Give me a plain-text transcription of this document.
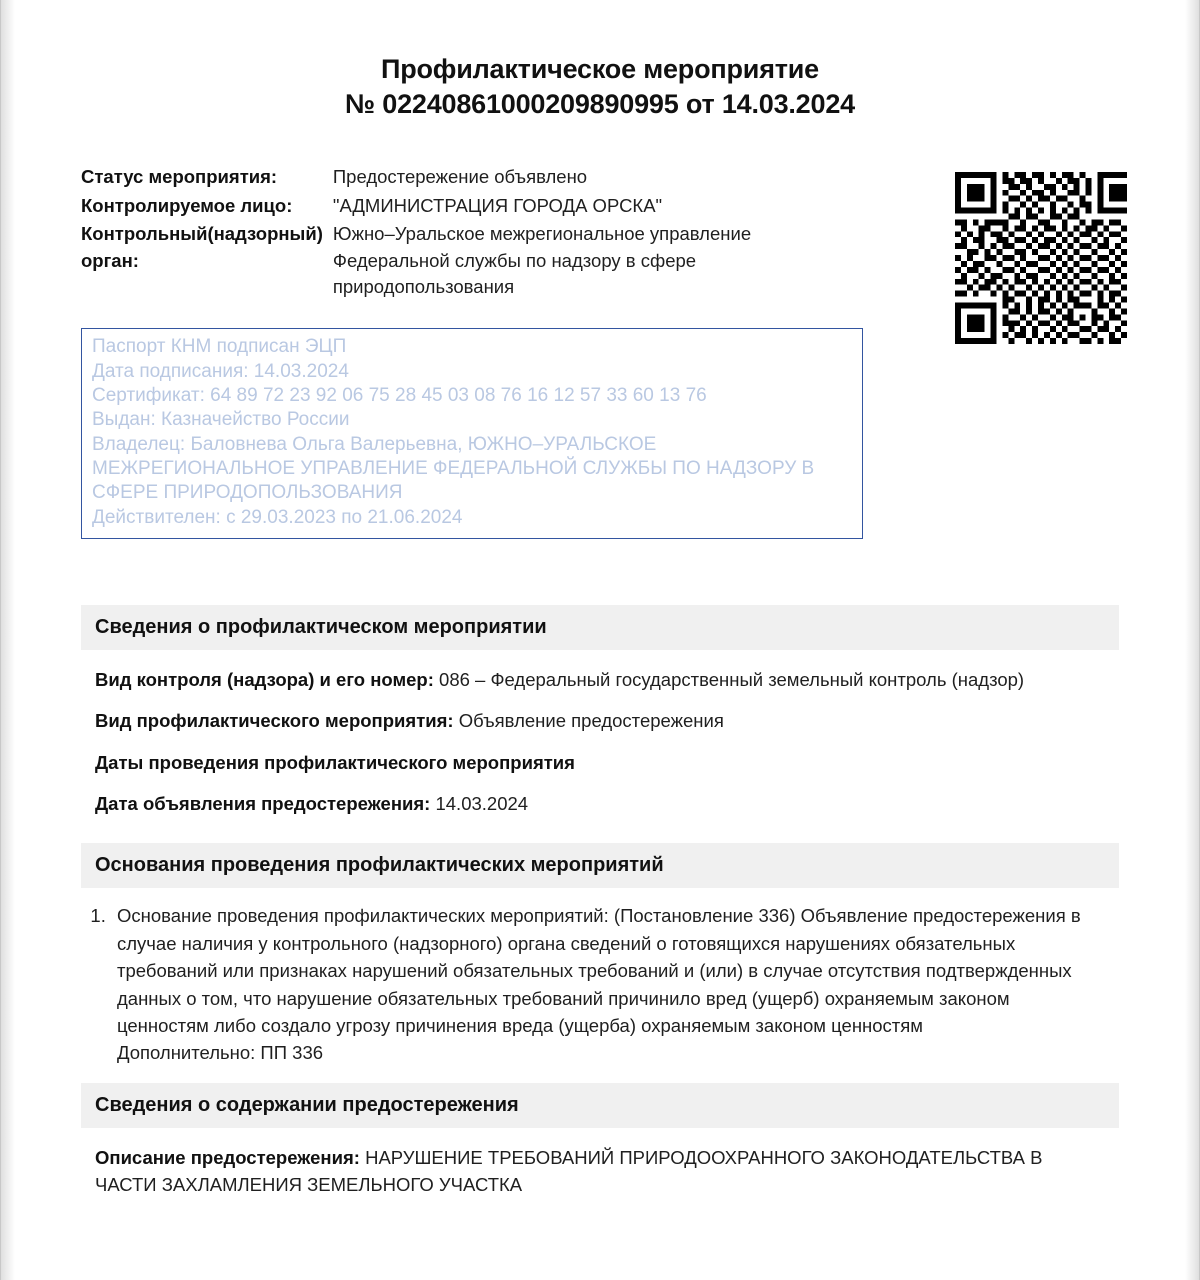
Профилактическое мероприятие
№ 02240861000209890995 от 14.03.2024
Статус мероприятия:	Предостережение объявлено
Контролируемое лицо:	"АДМИНИСТРАЦИЯ ГОРОДА ОРСКА"
Контрольный(надзорный) орган:	Южно–Уральское межрегиональное управление Федеральной службы по надзору в сфере природопользования
Паспорт КНМ подписан ЭЦП
Дата подписания: 14.03.2024
Сертификат: 64 89 72 23 92 06 75 28 45 03 08 76 16 12 57 33 60 13 76
Выдан: Казначейство России
Владелец: Баловнева Ольга Валерьевна, ЮЖНО–УРАЛЬСКОЕ МЕЖРЕГИОНАЛЬНОЕ УПРАВЛЕНИЕ ФЕДЕРАЛЬНОЙ СЛУЖБЫ ПО НАДЗОРУ В СФЕРЕ ПРИРОДОПОЛЬЗОВАНИЯ
Действителен: с 29.03.2023 по 21.06.2024
Сведения о профилактическом мероприятии

Вид контроля (надзора) и его номер: 086 – Федеральный государственный земельный контроль (надзор)

Вид профилактического мероприятия: Объявление предостережения

Даты проведения профилактического мероприятия

Дата объявления предостережения: 14.03.2024

Основания проведения профилактических мероприятий
1. Основание проведения профилактических мероприятий: (Постановление 336) Объявление предостережения в случае наличия у контрольного (надзорного) органа сведений о готовящихся нарушениях обязательных требований или признаках нарушений обязательных требований и (или) в случае отсутствия подтвержденных данных о том, что нарушение обязательных требований причинило вред (ущерб) охраняемым законом ценностям либо создало угрозу причинения вреда (ущерба) охраняемым законом ценностям
Дополнительно: ПП 336
Сведения о содержании предостережения

Описание предостережения: НАРУШЕНИЕ ТРЕБОВАНИЙ ПРИРОДООХРАННОГО ЗАКОНОДАТЕЛЬСТВА В ЧАСТИ ЗАХЛАМЛЕНИЯ ЗЕМЕЛЬНОГО УЧАСТКА
